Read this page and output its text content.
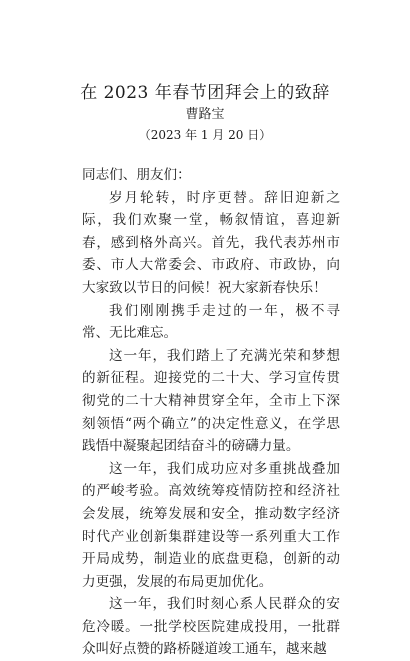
在 2023 年春节团拜会上的致辞
曹路宝
（2023 年 1 月 20 日）

同志们、朋友们：

岁月轮转，时序更替。辞旧迎新之际，我们欢聚一堂，畅叙情谊，喜迎新春，感到格外高兴。首先，我代表苏州市委、市人大常委会、市政府、市政协，向大家致以节日的问候！祝大家新春快乐！

我们刚刚携手走过的一年，极不寻常、无比难忘。

这一年，我们踏上了充满光荣和梦想的新征程。迎接党的二十大、学习宣传贯彻党的二十大精神贯穿全年，全市上下深刻领悟“两个确立”的决定性意义，在学思践悟中凝聚起团结奋斗的磅礴力量。

这一年，我们成功应对多重挑战叠加的严峻考验。高效统筹疫情防控和经济社会发展，统筹发展和安全，推动数字经济时代产业创新集群建设等一系列重大工作开局成势，制造业的底盘更稳，创新的动力更强，发展的布局更加优化。

这一年，我们时刻心系人民群众的安危冷暖。一批学校医院建成投用，一批群众叫好点赞的路桥隧道竣工通车，越来越
